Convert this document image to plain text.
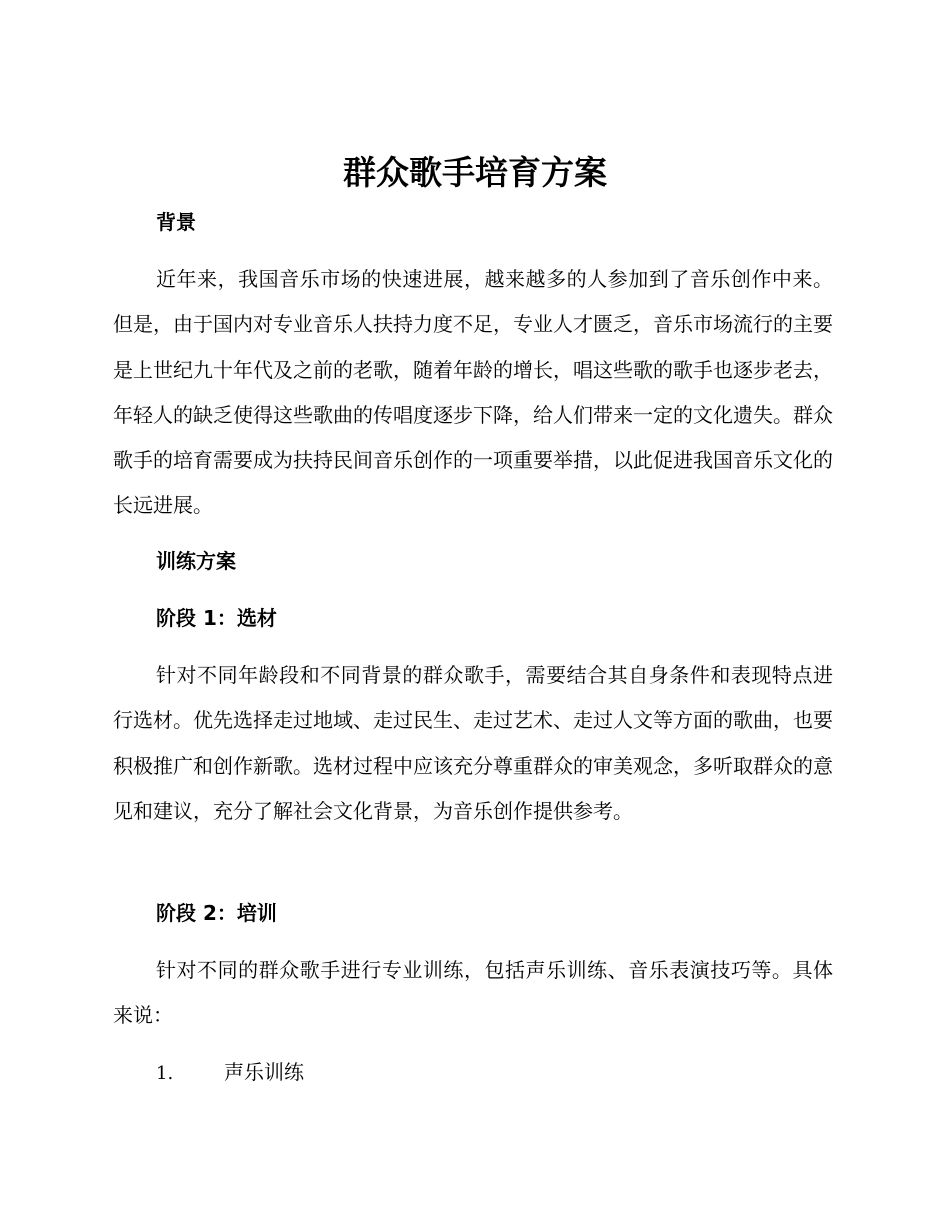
群众歌手培育方案
背景

近年来，我国音乐市场的快速进展，越来越多的人参加到了音乐创作中来。但是，由于国内对专业音乐人扶持力度不足，专业人才匮乏，音乐市场流行的主要是上世纪九十年代及之前的老歌，随着年龄的增长，唱这些歌的歌手也逐步老去，年轻人的缺乏使得这些歌曲的传唱度逐步下降，给人们带来一定的文化遗失。群众歌手的培育需要成为扶持民间音乐创作的一项重要举措，以此促进我国音乐文化的长远进展。

训练方案
阶段 1：选材

针对不同年龄段和不同背景的群众歌手，需要结合其自身条件和表现特点进行选材。优先选择走过地域、走过民生、走过艺术、走过人文等方面的歌曲，也要积极推广和创作新歌。选材过程中应该充分尊重群众的审美观念，多听取群众的意见和建议，充分了解社会文化背景，为音乐创作提供参考。

阶段 2：培训

针对不同的群众歌手进行专业训练，包括声乐训练、音乐表演技巧等。具体来说：

1.	声乐训练
